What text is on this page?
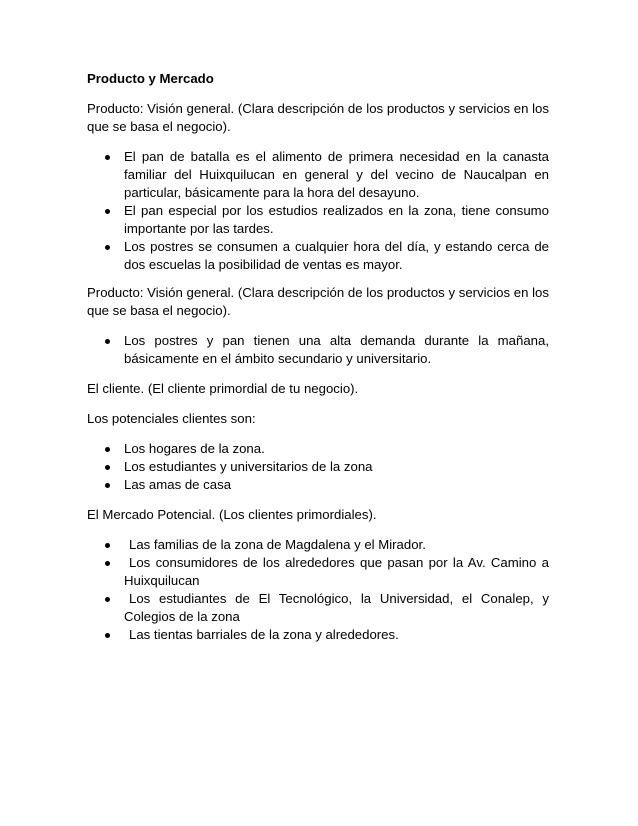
Producto y Mercado

Producto: Visión general. (Clara descripción de los productos y servicios en los que se basa el negocio).

El pan de batalla es el alimento de primera necesidad en la canasta familiar del Huixquilucan en general y del vecino de Naucalpan en particular, básicamente para la hora del desayuno.
El pan especial por los estudios realizados en la zona, tiene consumo importante por las tardes.
Los postres se consumen a cualquier hora del día, y estando cerca de dos escuelas la posibilidad de ventas es mayor.

Producto: Visión general. (Clara descripción de los productos y servicios en los que se basa el negocio).

Los postres y pan tienen una alta demanda durante la mañana, básicamente en el ámbito secundario y universitario.

El cliente. (El cliente primordial de tu negocio).

Los potenciales clientes son:

Los hogares de la zona.
Los estudiantes y universitarios de la zona
Las amas de casa

El Mercado Potencial. (Los clientes primordiales).

Las familias de la zona de Magdalena y el Mirador.
Los consumidores de los alrededores que pasan por la Av. Camino a Huixquilucan
Los estudiantes de El Tecnológico, la Universidad, el Conalep, y Colegios de la zona
Las tientas barriales de la zona y alrededores.
